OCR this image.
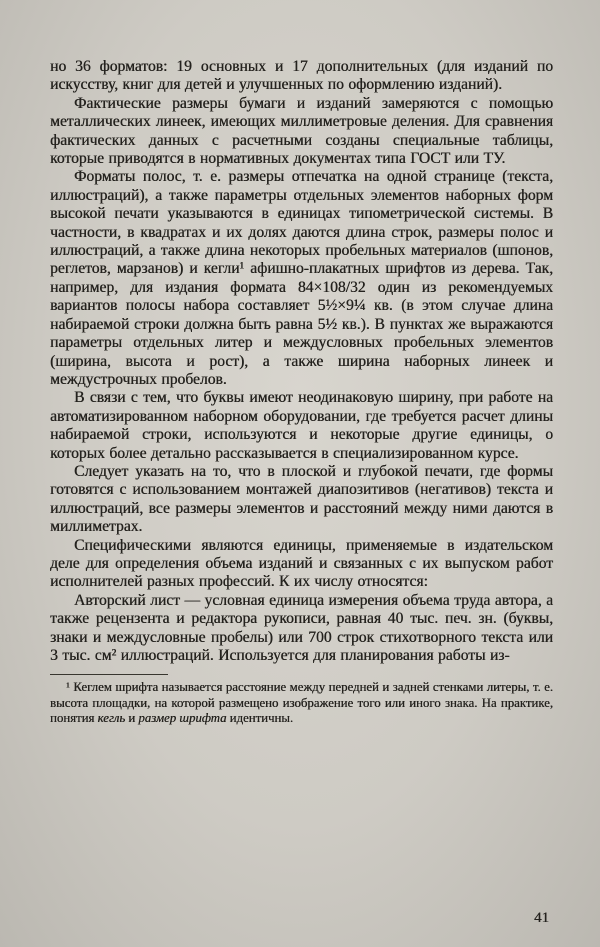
но 36 форматов: 19 основных и 17 дополнительных (для изданий по искусству, книг для детей и улучшенных по оформлению изданий).

Фактические размеры бумаги и изданий замеряются с помощью металлических линеек, имеющих миллиметровые деления. Для сравнения фактических данных с расчетными созданы специальные таблицы, которые приводятся в нормативных документах типа ГОСТ или ТУ.

Форматы полос, т. е. размеры отпечатка на одной странице (текста, иллюстраций), а также параметры отдельных элементов наборных форм высокой печати указываются в единицах типометрической системы. В частности, в квадратах и их долях даются длина строк, размеры полос и иллюстраций, а также длина некоторых пробельных материалов (шпонов, реглетов, марзанов) и кегли¹ афишно-плакатных шрифтов из дерева. Так, например, для издания формата 84×108/32 один из рекомендуемых вариантов полосы набора составляет 5½×9¼ кв. (в этом случае длина набираемой строки должна быть равна 5½ кв.). В пунктах же выражаются параметры отдельных литер и междусловных пробельных элементов (ширина, высота и рост), а также ширина наборных линеек и междустрочных пробелов.

В связи с тем, что буквы имеют неодинаковую ширину, при работе на автоматизированном наборном оборудовании, где требуется расчет длины набираемой строки, используются и некоторые другие единицы, о которых более детально рассказывается в специализированном курсе.

Следует указать на то, что в плоской и глубокой печати, где формы готовятся с использованием монтажей диапозитивов (негативов) текста и иллюстраций, все размеры элементов и расстояний между ними даются в миллиметрах.

Специфическими являются единицы, применяемые в издательском деле для определения объема изданий и связанных с их выпуском работ исполнителей разных профессий. К их числу относятся:

Авторский лист — условная единица измерения объема труда автора, а также рецензента и редактора рукописи, равная 40 тыс. печ. зн. (буквы, знаки и междусловные пробелы) или 700 строк стихотворного текста или 3 тыс. см² иллюстраций. Используется для планирования работы из-

¹ Кеглем шрифта называется расстояние между передней и задней стенками литеры, т. е. высота площадки, на которой размещено изображение того или иного знака. На практике, понятия кегль и размер шрифта идентичны.

41
